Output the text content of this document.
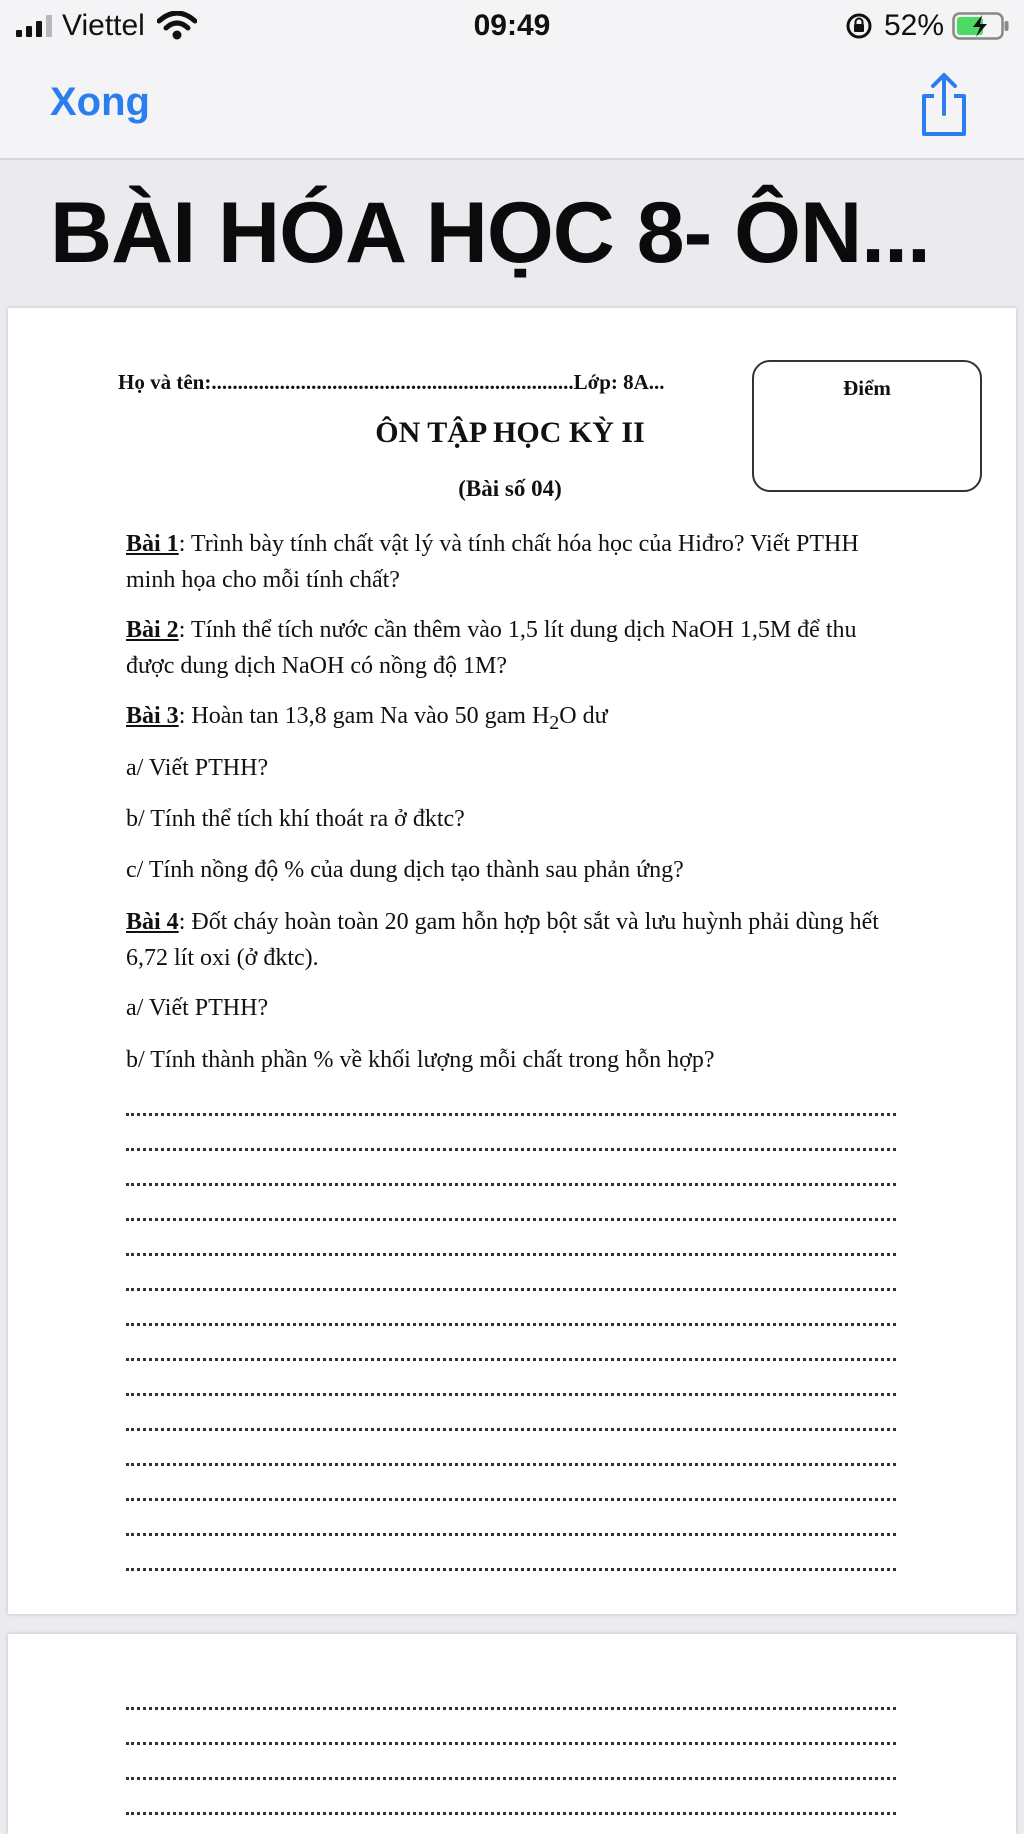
Viettel	09:49	52%
Xong
BÀI HÓA HỌC 8- ÔN...
Họ và tên:.....................................................................Lớp: 8A...	Điểm
ÔN TẬP HỌC KỲ II
(Bài số 04)
Bài 1: Trình bày tính chất vật lý và tính chất hóa học của Hiđro? Viết PTHH minh họa cho mỗi tính chất?
Bài 2: Tính thể tích nước cần thêm vào 1,5 lít dung dịch NaOH 1,5M để thu được dung dịch NaOH có nồng độ 1M?
Bài 3: Hoàn tan 13,8 gam Na vào 50 gam $H_2O$ dư
a/ Viết PTHH?
b/ Tính thể tích khí thoát ra ở đktc?
c/ Tính nồng độ % của dung dịch tạo thành sau phản ứng?
Bài 4: Đốt cháy hoàn toàn 20 gam hỗn hợp bột sắt và lưu huỳnh phải dùng hết 6,72 lít oxi (ở đktc).
a/ Viết PTHH?
b/ Tính thành phần % về khối lượng mỗi chất trong hỗn hợp?
